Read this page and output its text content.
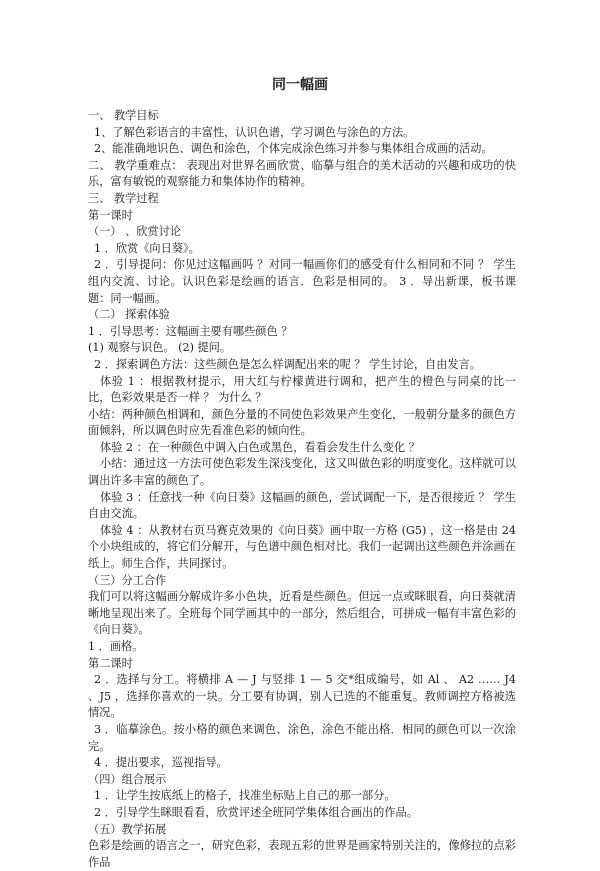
同一幅画

一、 教学目标

1、了解色彩语言的丰富性，认识色谱，学习调色与涂色的方法。

2、能准确地识色、调色和涂色，个体完成涂色练习并参与集体组合成画的活动。

二、 教学重难点： 表现出对世界名画欣赏、临摹与组合的美术活动的兴趣和成功的快乐，富有敏锐的观察能力和集体协作的精神。

三、 教学过程

第一课时

（一） 、欣赏讨论

1 ．欣赏《向日葵》。

2 ．引导提问：你见过这幅画吗 ？对同一幅画你们的感受有什么相同和不同 ？ 学生组内交流、讨论。认识色彩是绘画的语言．色彩是相同的。 3 ．导出新课，板书课题：同一幅画。

（二） 探索体验

1 ．引导思考：这幅画主要有哪些颜色 ？

(1) 观察与识色。 (2) 提问。

2 ．探索调色方法：这些颜色是怎么样调配出来的呢 ？ 学生讨论，自由发言。

体验 1 ：根据教材提示，用大红与柠檬黄进行调和，把产生的橙色与同桌的比一比，色彩效果是否一样 ？ 为什么 ？

小结：两种颜色相调和，颜色分量的不同使色彩效果产生变化，一般朝分量多的颜色方面倾斜，所以调色时应先看准色彩的倾向性。

体验 2 ：在一种颜色中调入白色或黑色，看看会发生什么变化 ？

小结：通过这一方法可使色彩发生深浅变化，这又叫做色彩的明度变化。这样就可以调出许多丰富的颜色了。

体验 3 ：任意找一种《向日葵》这幅画的颜色，尝试调配一下，是否很接近 ？ 学生自由交流。

体验 4 ：从教材右页马赛克效果的《向日葵》画中取一方格 (G5) ，这一格是由 24 个小块组成的，将它们分解开，与色谱中颜色相对比。我们一起调出这些颜色并涂画在纸上。师生合作，共同探讨。

（三）分工合作

我们可以将这幅画分解成许多小色块，近看是些颜色。但远一点或眯眼看，向日葵就清晰地呈现出来了。全班每个同学画其中的一部分，然后组合，可拼成一幅有丰富色彩的《向日葵》。

1 ．画格。

第二课时

2 ．选择与分工。将横排 A — J 与竖排 1 — 5 交*组成编号，如 Al 、 A2 …… J4 、J5 ，选择你喜欢的一块。分工要有协调，别人已选的不能重复。教师调控方格被选情况。

3 ．临摹涂色。按小格的颜色来调色、涂色，涂色不能出格．相同的颜色可以一次涂完。

4 ．提出要求，巡视指导。

（四）组合展示

1 ．让学生按底纸上的格子，找准坐标贴上自己的那一部分。

2 ．引导学生眯眼看看，欣赏评述全班同学集体组合画出的作品。

（五）教学拓展

色彩是绘画的语言之一，研究色彩，表现五彩的世界是画家特别关注的，像修拉的点彩作品
